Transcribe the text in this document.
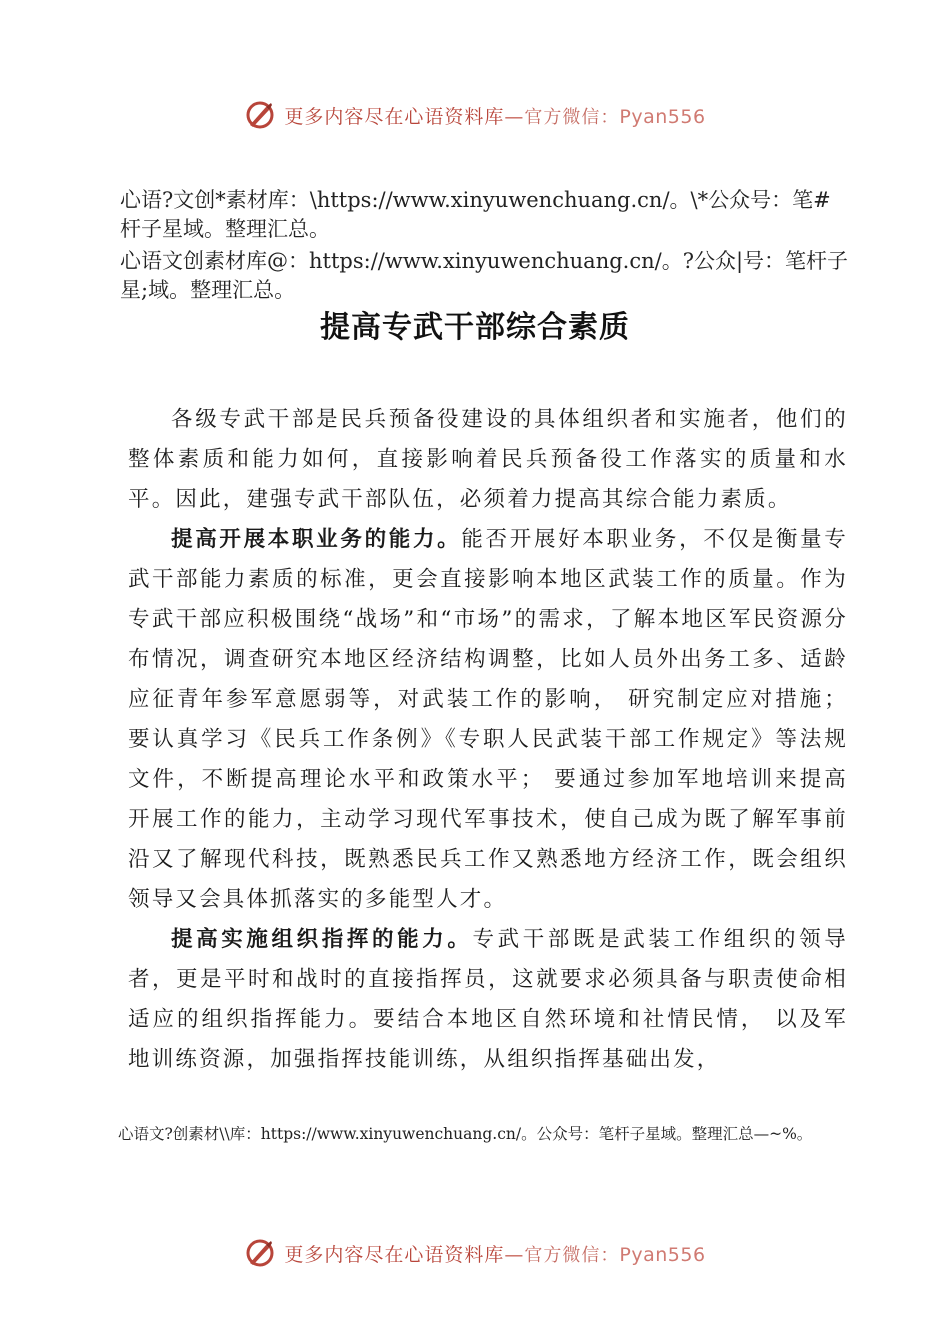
更多内容尽在心语资料库—官方微信：Pyan556
心语?文创*素材库：\https://www.xinyuwenchuang.cn/。\*公众号：笔#杆子星域。整理汇总。
心语文创素材库@：https://www.xinyuwenchuang.cn/。?公众|号：笔杆子星;域。整理汇总。
提高专武干部综合素质

各级专武干部是民兵预备役建设的具体组织者和实施者，他们的整体素质和能力如何，直接影响着民兵预备役工作落实的质量和水平。因此，建强专武干部队伍，必须着力提高其综合能力素质。

提高开展本职业务的能力。能否开展好本职业务，不仅是衡量专武干部能力素质的标准，更会直接影响本地区武装工作的质量。作为专武干部应积极围绕“战场”和“市场”的需求，了解本地区军民资源分布情况，调查研究本地区经济结构调整，比如人员外出务工多、适龄应征青年参军意愿弱等，对武装工作的影响， 研究制定应对措施；要认真学习《民兵工作条例》《专职人民武装干部工作规定》等法规文件，不断提高理论水平和政策水平； 要通过参加军地培训来提高开展工作的能力，主动学习现代军事技术，使自己成为既了解军事前沿又了解现代科技，既熟悉民兵工作又熟悉地方经济工作，既会组织领导又会具体抓落实的多能型人才。

提高实施组织指挥的能力。专武干部既是武装工作组织的领导者，更是平时和战时的直接指挥员，这就要求必须具备与职责使命相适应的组织指挥能力。要结合本地区自然环境和社情民情， 以及军地训练资源，加强指挥技能训练，从组织指挥基础出发，

心语文?创素材\\库：https://www.xinyuwenchuang.cn/。公众号：笔杆子星域。整理汇总—~%。
更多内容尽在心语资料库—官方微信：Pyan556
